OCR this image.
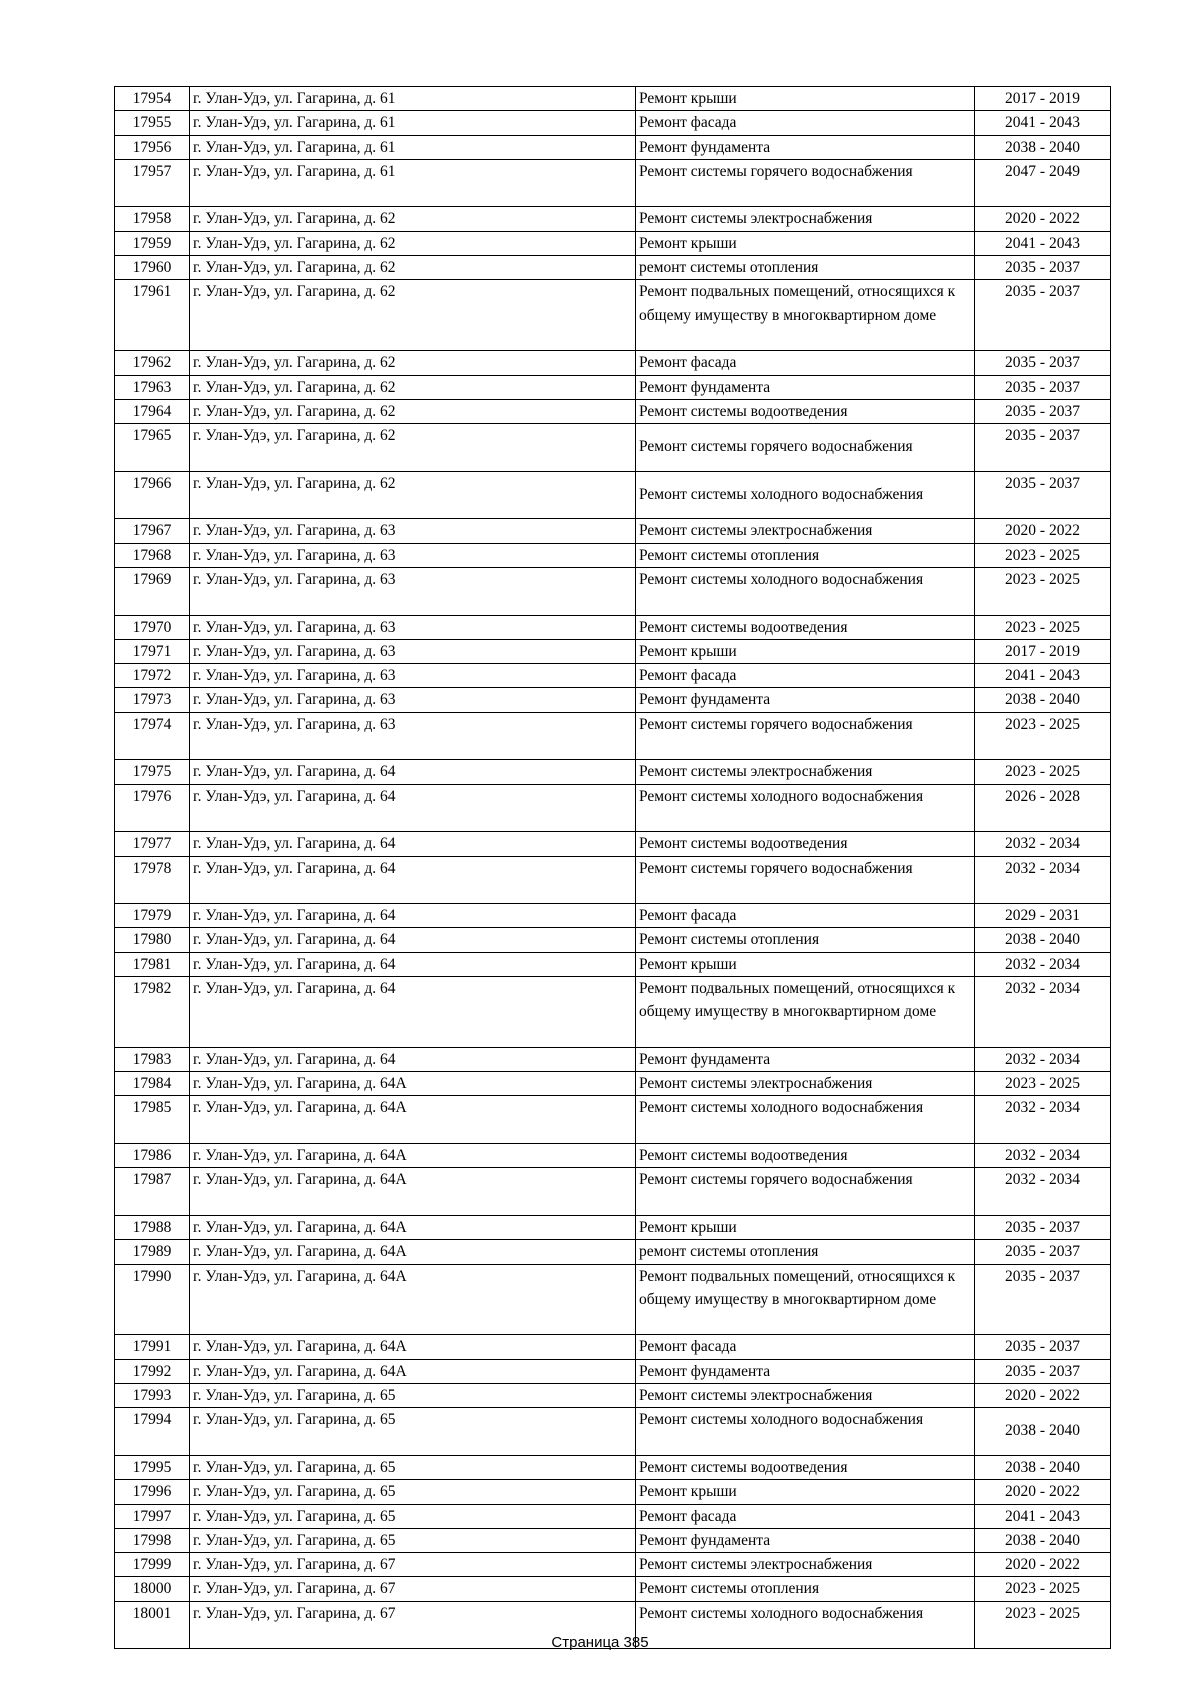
17954	г. Улан-Удэ, ул. Гагарина, д. 61	Ремонт крыши	2017 - 2019
17955	г. Улан-Удэ, ул. Гагарина, д. 61	Ремонт фасада	2041 - 2043
17956	г. Улан-Удэ, ул. Гагарина, д. 61	Ремонт фундамента	2038 - 2040
17957	г. Улан-Удэ, ул. Гагарина, д. 61	Ремонт системы горячего водоснабжения	2047 - 2049
17958	г. Улан-Удэ, ул. Гагарина, д. 62	Ремонт системы электроснабжения	2020 - 2022
17959	г. Улан-Удэ, ул. Гагарина, д. 62	Ремонт крыши	2041 - 2043
17960	г. Улан-Удэ, ул. Гагарина, д. 62	ремонт системы отопления	2035 - 2037
17961	г. Улан-Удэ, ул. Гагарина, д. 62	Ремонт подвальных помещений, относящихся к общему имуществу в многоквартирном доме	2035 - 2037
17962	г. Улан-Удэ, ул. Гагарина, д. 62	Ремонт фасада	2035 - 2037
17963	г. Улан-Удэ, ул. Гагарина, д. 62	Ремонт фундамента	2035 - 2037
17964	г. Улан-Удэ, ул. Гагарина, д. 62	Ремонт системы водоотведения	2035 - 2037
17965	г. Улан-Удэ, ул. Гагарина, д. 62	Ремонт системы горячего водоснабжения	2035 - 2037
17966	г. Улан-Удэ, ул. Гагарина, д. 62	Ремонт системы холодного водоснабжения	2035 - 2037
17967	г. Улан-Удэ, ул. Гагарина, д. 63	Ремонт системы электроснабжения	2020 - 2022
17968	г. Улан-Удэ, ул. Гагарина, д. 63	Ремонт системы отопления	2023 - 2025
17969	г. Улан-Удэ, ул. Гагарина, д. 63	Ремонт системы холодного водоснабжения	2023 - 2025
17970	г. Улан-Удэ, ул. Гагарина, д. 63	Ремонт системы водоотведения	2023 - 2025
17971	г. Улан-Удэ, ул. Гагарина, д. 63	Ремонт крыши	2017 - 2019
17972	г. Улан-Удэ, ул. Гагарина, д. 63	Ремонт фасада	2041 - 2043
17973	г. Улан-Удэ, ул. Гагарина, д. 63	Ремонт фундамента	2038 - 2040
17974	г. Улан-Удэ, ул. Гагарина, д. 63	Ремонт системы горячего водоснабжения	2023 - 2025
17975	г. Улан-Удэ, ул. Гагарина, д. 64	Ремонт системы электроснабжения	2023 - 2025
17976	г. Улан-Удэ, ул. Гагарина, д. 64	Ремонт системы холодного водоснабжения	2026 - 2028
17977	г. Улан-Удэ, ул. Гагарина, д. 64	Ремонт системы водоотведения	2032 - 2034
17978	г. Улан-Удэ, ул. Гагарина, д. 64	Ремонт системы горячего водоснабжения	2032 - 2034
17979	г. Улан-Удэ, ул. Гагарина, д. 64	Ремонт фасада	2029 - 2031
17980	г. Улан-Удэ, ул. Гагарина, д. 64	Ремонт системы отопления	2038 - 2040
17981	г. Улан-Удэ, ул. Гагарина, д. 64	Ремонт крыши	2032 - 2034
17982	г. Улан-Удэ, ул. Гагарина, д. 64	Ремонт подвальных помещений, относящихся к общему имуществу в многоквартирном доме	2032 - 2034
17983	г. Улан-Удэ, ул. Гагарина, д. 64	Ремонт фундамента	2032 - 2034
17984	г. Улан-Удэ, ул. Гагарина, д. 64А	Ремонт системы электроснабжения	2023 - 2025
17985	г. Улан-Удэ, ул. Гагарина, д. 64А	Ремонт системы холодного водоснабжения	2032 - 2034
17986	г. Улан-Удэ, ул. Гагарина, д. 64А	Ремонт системы водоотведения	2032 - 2034
17987	г. Улан-Удэ, ул. Гагарина, д. 64А	Ремонт системы горячего водоснабжения	2032 - 2034
17988	г. Улан-Удэ, ул. Гагарина, д. 64А	Ремонт крыши	2035 - 2037
17989	г. Улан-Удэ, ул. Гагарина, д. 64А	ремонт системы отопления	2035 - 2037
17990	г. Улан-Удэ, ул. Гагарина, д. 64А	Ремонт подвальных помещений, относящихся к общему имуществу в многоквартирном доме	2035 - 2037
17991	г. Улан-Удэ, ул. Гагарина, д. 64А	Ремонт фасада	2035 - 2037
17992	г. Улан-Удэ, ул. Гагарина, д. 64А	Ремонт фундамента	2035 - 2037
17993	г. Улан-Удэ, ул. Гагарина, д. 65	Ремонт системы электроснабжения	2020 - 2022
17994	г. Улан-Удэ, ул. Гагарина, д. 65	Ремонт системы холодного водоснабжения	2038 - 2040
17995	г. Улан-Удэ, ул. Гагарина, д. 65	Ремонт системы водоотведения	2038 - 2040
17996	г. Улан-Удэ, ул. Гагарина, д. 65	Ремонт крыши	2020 - 2022
17997	г. Улан-Удэ, ул. Гагарина, д. 65	Ремонт фасада	2041 - 2043
17998	г. Улан-Удэ, ул. Гагарина, д. 65	Ремонт фундамента	2038 - 2040
17999	г. Улан-Удэ, ул. Гагарина, д. 67	Ремонт системы электроснабжения	2020 - 2022
18000	г. Улан-Удэ, ул. Гагарина, д. 67	Ремонт системы отопления	2023 - 2025
18001	г. Улан-Удэ, ул. Гагарина, д. 67	Ремонт системы холодного водоснабжения	2023 - 2025
Страница 385
